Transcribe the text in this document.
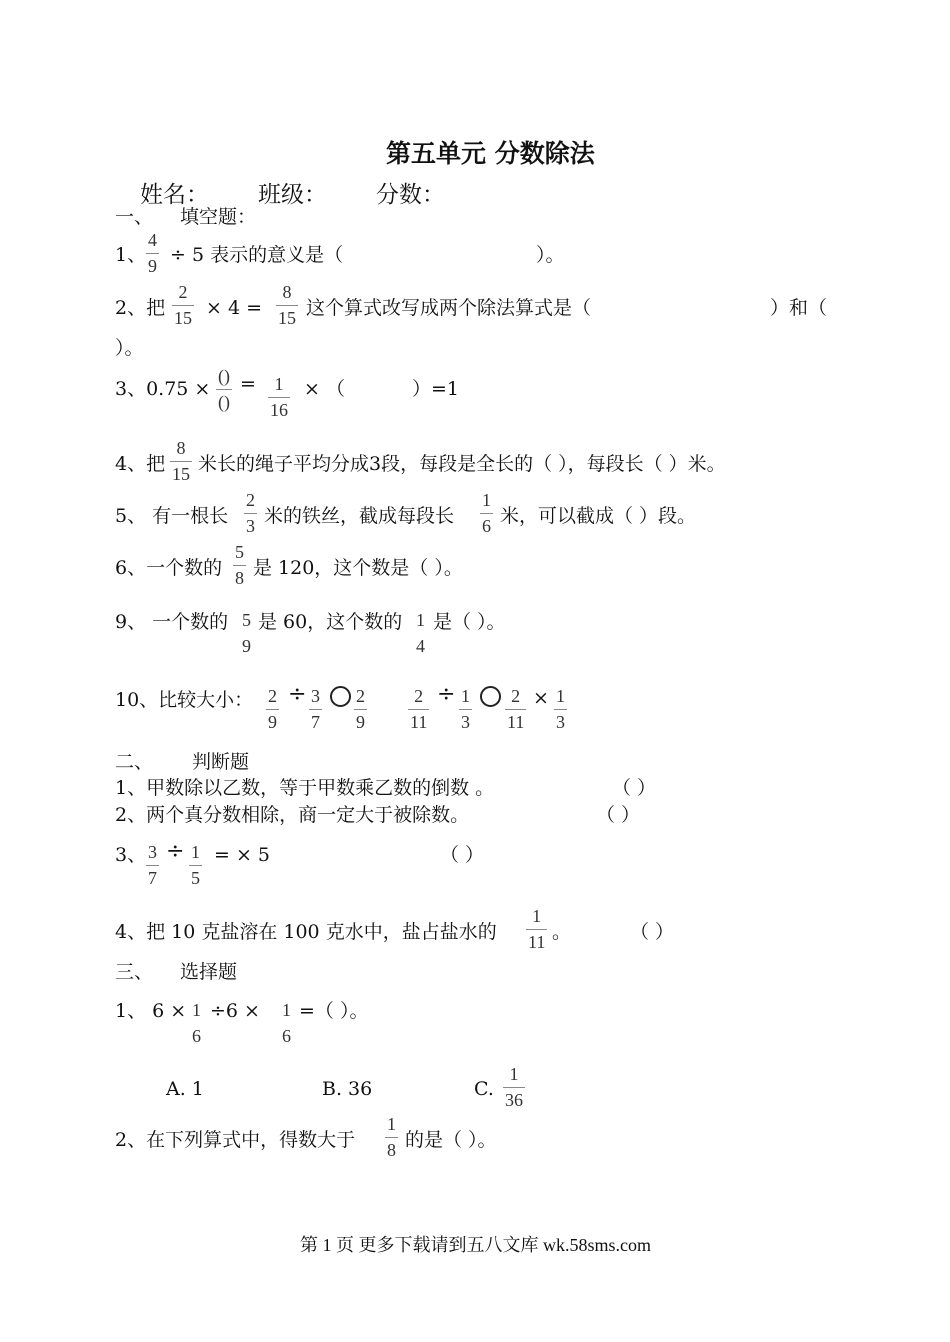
第五单元 分数除法
姓名： 班级： 分数：
一、 填空题：
1、
4
9 ÷ 5 表示的意义是（	）。
2、把
2
15 × 4 =
8
15 这个算式改写成两个除法算式是（	）和（
）。
3、0.75 ×
()
()
= 1
16
× （	）=1
4、把
8
15 米长的绳子平均分成3段，每段是全长的（ ），每段长（ ）米。
5、 有一根长
2
3 米的铁丝，截成每段长
1
6 米，可以截成（ ）段。
6、一个数的
5
8 是 120，这个数是（ ）。
9、 一个数的 5
9
是 60，这个数的 1
4
是（ ）。
10、比较大小： 2
9
÷ 3
7
2
9
2
11
÷ 1
3
2
11
× 1
3
二、 判断题
1、甲数除以乙数，等于甲数乘乙数的倒数 。	（ ）
2、两个真分数相除，商一定大于被除数。	（ ）
3、 3
7
÷ 1
5
= × 5	（ ）
4、把 10 克盐溶在 100 克水中，盐占盐水的
1
11 。	（ ）
三、 选择题
1、 6 × 1
6
÷6 × 1
6
=（ ）。
A. 1	B. 36	C.
1
36
2、在下列算式中，得数大于
1
8 的是（ ）。
第 1 页 更多下载请到五八文库 wk.58sms.com
